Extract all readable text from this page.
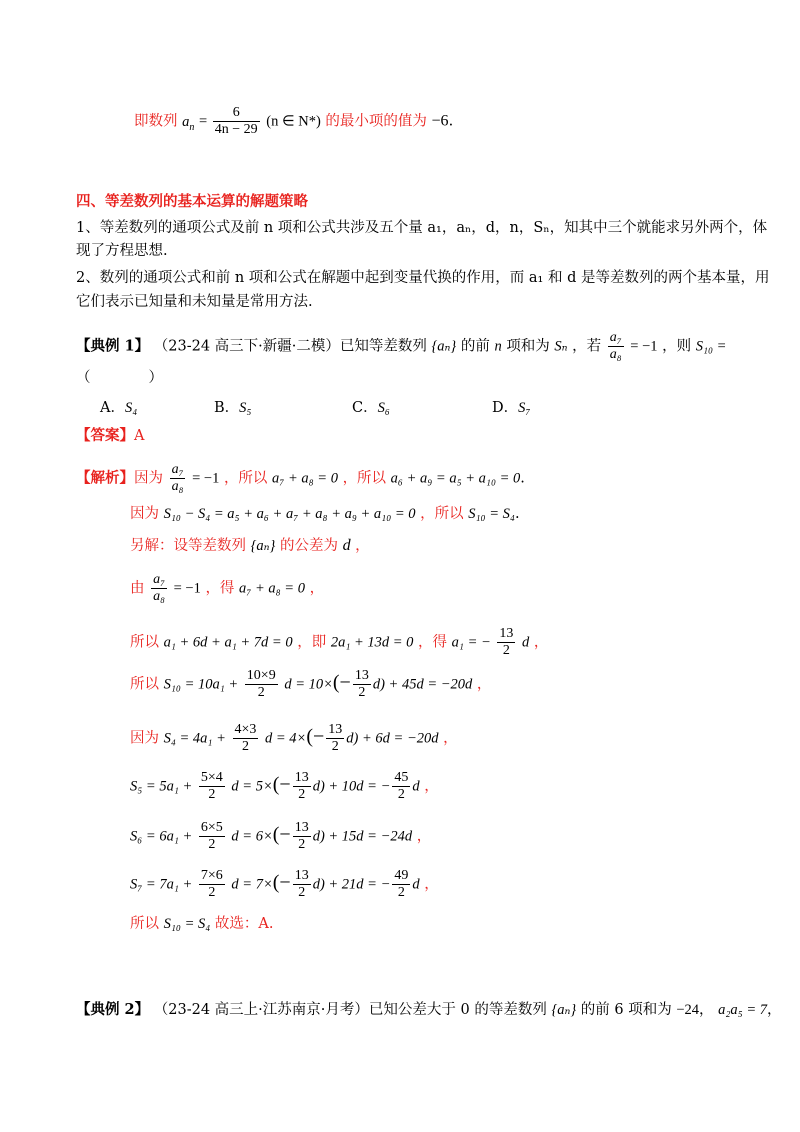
即数列 $a_n = \frac{6}{4n - 29} (n$ ∈ N*) 的最小项的值为 −6.
四、等差数列的基本运算的解题策略
1、等差数列的通项公式及前 n 项和公式共涉及五个量 a₁，aₙ，d，n，Sₙ，知其中三个就能求另外两个，体
现了方程思想.
2、数列的通项公式和前 n 项和公式在解题中起到变量代换的作用，而 a₁ 和 d 是等差数列的两个基本量，用
它们表示已知量和未知量是常用方法.
【典例 1】 （23-24 高三下·新疆·二模）已知等差数列 {aₙ} 的前 n 项和为 Sₙ ，若 $\frac{\text{a₇}}{\text{a₈}} = -1$ ，则 S₁₀ =
（　　　　）
A．S₄	B．S₅	C．S₆	D．S₇
【答案】A
【解析】因为 $\frac{\text{a₇}}{\text{a₈}} = -1$ ，所以 a₇ + a₈ = 0 ，所以 a₆ + a₉ = a₅ + a₁₀ = 0.
因为 S₁₀ − S₄ = a₅ + a₆ + a₇ + a₈ + a₉ + a₁₀ = 0 ，所以 S₁₀ = S₄.
另解：设等差数列 {aₙ} 的公差为 d ，
由 $\frac{\text{a₇}}{\text{a₈}} = -1$ ，得 a₇ + a₈ = 0 ，
所以 a₁ + 6d + a₁ + 7d = 0 ，即 2a₁ + 13d = 0 ，得 a₁ = − $\frac{13}{2}$ d ，
所以 $S_{10} = 10a_1 + \frac{10\times 9}{2}$ $d = 10\times(- \frac{13}{2} d) + 45d = -20d$ ，
因为 $S_4 = 4a_1 + \frac{4\times 3}{2}$ $d = 4\times(- \frac{13}{2} d) + 6d = -20d$ ，
$S_5 = 5a_1 + \frac{5\times 4}{2}$ $d = 5\times(- \frac{13}{2} d) + 10d$ = − $\frac{45}{2}$ d ，
$S_6 = 6a_1 + \frac{6\times 5}{2}$ $d = 6\times(- \frac{13}{2} d) + 15d = -24d$ ，
$S_7 = 7a_1 + \frac{7\times 6}{2}$ $d = 7\times(- \frac{13}{2} d) + 21d$ = − $\frac{49}{2}$ d ，
所以 S₁₀ = S₄ 故选：A.
【典例 2】 （23-24 高三上·江苏南京·月考）已知公差大于 0 的等差数列 {aₙ} 的前 6 项和为 −24， a₂a₅ = 7，
